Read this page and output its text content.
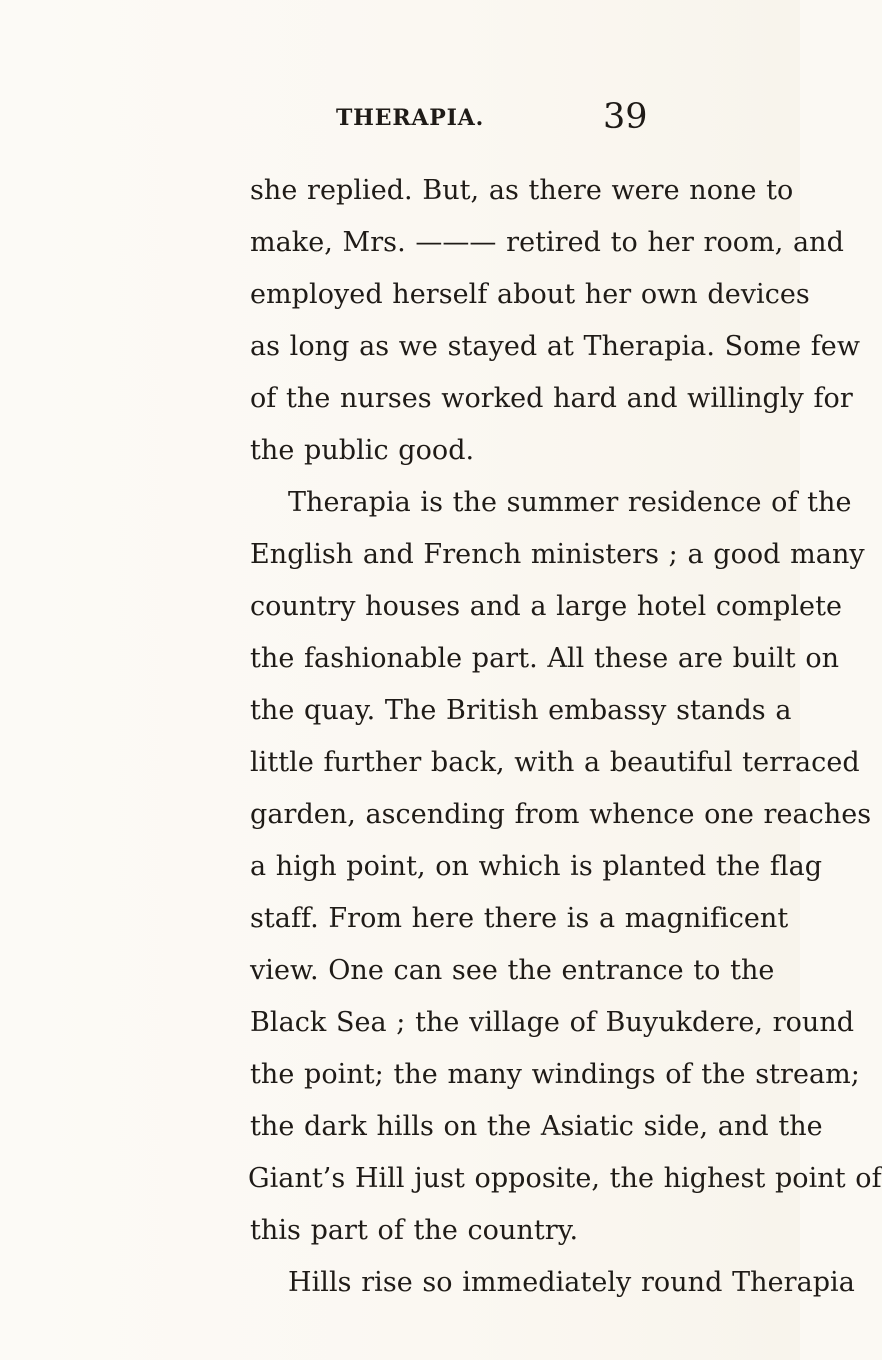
THERAPIA.	39
she replied. But, as there were none to
make, Mrs. ——— retired to her room, and
employed herself about her own devices
as long as we stayed at Therapia. Some few
of the nurses worked hard and willingly for
the public good.
Therapia is the summer residence of the
English and French ministers ; a good many
country houses and a large hotel complete
the fashionable part. All these are built on
the quay. The British embassy stands a
little further back, with a beautiful terraced
garden, ascending from whence one reaches
a high point, on which is planted the flag
staff. From here there is a magnificent
view. One can see the entrance to the
Black Sea ; the village of Buyukdere, round
the point; the many windings of the stream;
the dark hills on the Asiatic side, and the
Giant’s Hill just opposite, the highest point of
this part of the country.
Hills rise so immediately round Therapia
